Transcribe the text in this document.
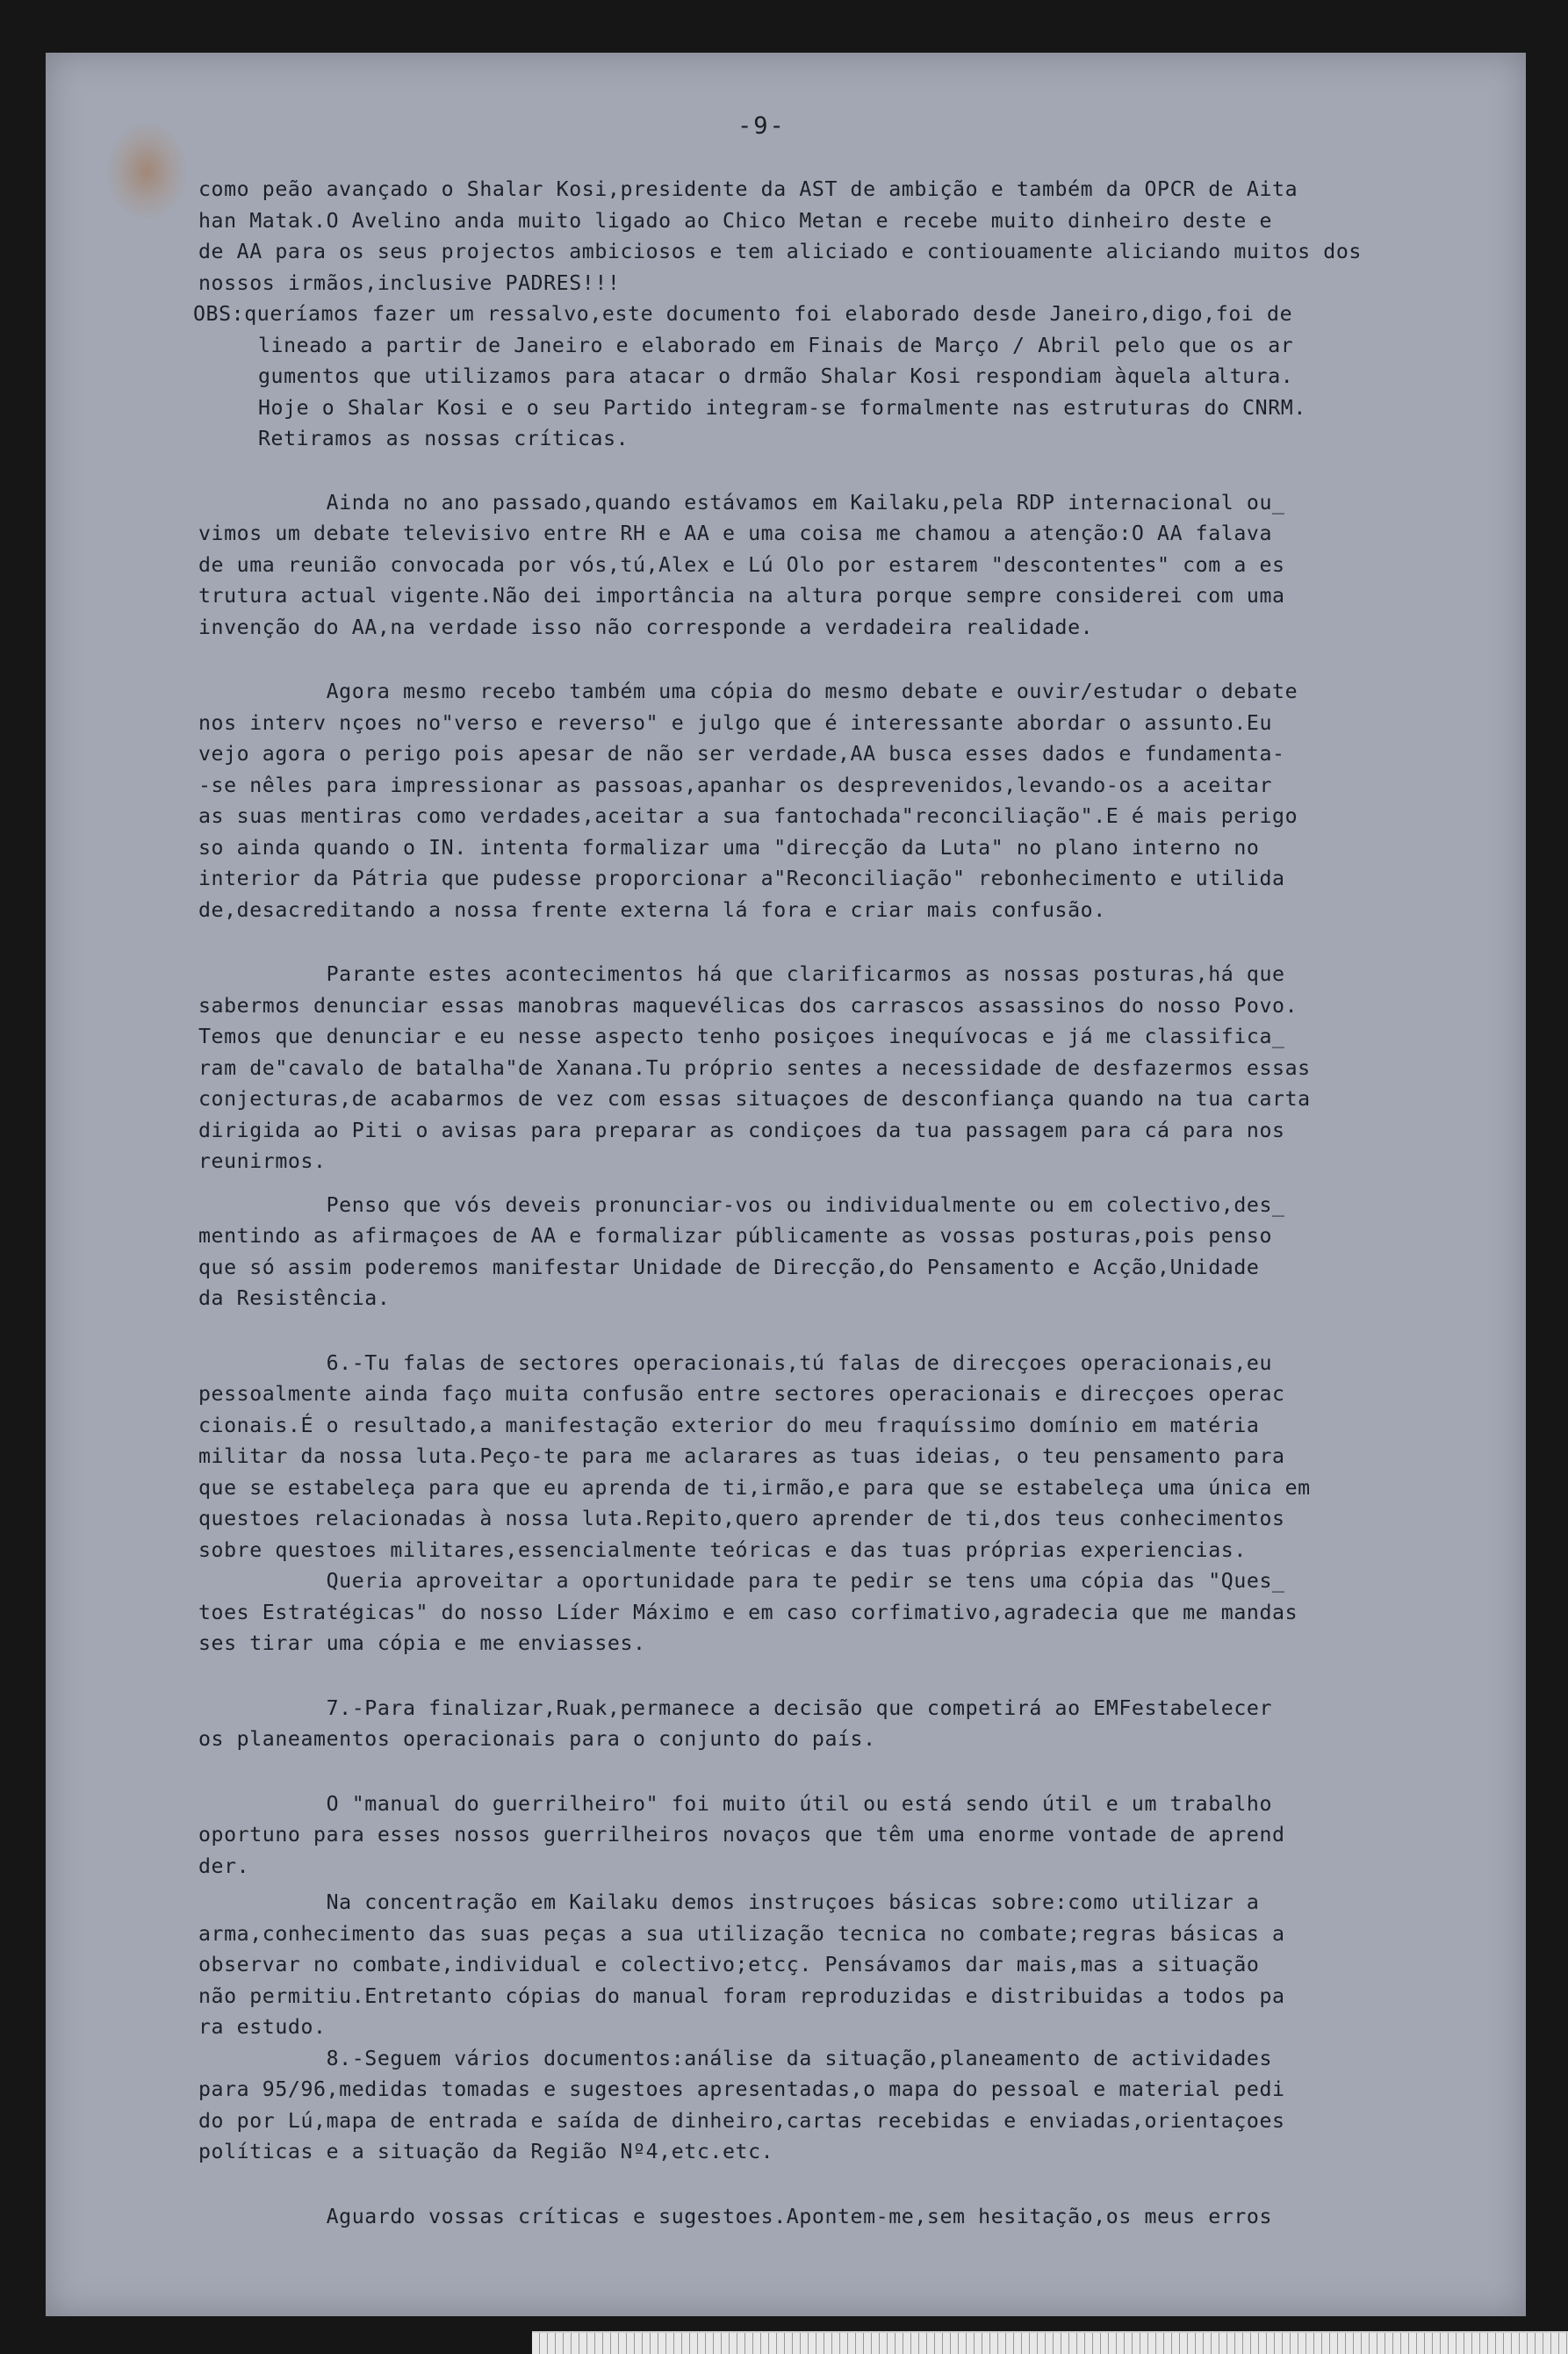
-9-
como peão avançado o Shalar Kosi,presidente da AST de ambição e também da OPCR de Aita
han Matak.O Avelino anda muito ligado ao Chico Metan e recebe muito dinheiro deste e
de AA para os seus projectos ambiciosos e tem aliciado e contiouamente aliciando muitos dos
nossos irmãos,inclusive PADRES!!!
OBS:queríamos fazer um ressalvo,este documento foi elaborado desde Janeiro,digo,foi de
lineado a partir de Janeiro e elaborado em Finais de Março / Abril pelo que os ar
gumentos que utilizamos para atacar o drmão Shalar Kosi respondiam àquela altura.
Hoje o Shalar Kosi e o seu Partido integram-se formalmente nas estruturas do CNRM.
Retiramos as nossas críticas.
Ainda no ano passado,quando estávamos em Kailaku,pela RDP internacional ou_
vimos um debate televisivo entre RH e AA e uma coisa me chamou a atenção:O AA falava
de uma reunião convocada por vós,tú,Alex e Lú Olo por estarem "descontentes" com a es
trutura actual vigente.Não dei importância na altura porque sempre considerei com uma
invenção do AA,na verdade isso não corresponde a verdadeira realidade.
Agora mesmo recebo também uma cópia do mesmo debate e ouvir/estudar o debate
nos interv nçoes no"verso e reverso" e julgo que é interessante abordar o assunto.Eu
vejo agora o perigo pois apesar de não ser verdade,AA busca esses dados e fundamenta-
-se nêles para impressionar as passoas,apanhar os desprevenidos,levando-os a aceitar
as suas mentiras como verdades,aceitar a sua fantochada"reconciliação".E é mais perigo
so ainda quando o IN. intenta formalizar uma "direcção da Luta" no plano interno no
interior da Pátria que pudesse proporcionar a"Reconciliação" rebonhecimento e utilida
de,desacreditando a nossa frente externa lá fora e criar mais confusão.
Parante estes acontecimentos há que clarificarmos as nossas posturas,há que
sabermos denunciar essas manobras maquevélicas dos carrascos assassinos do nosso Povo.
Temos que denunciar e eu nesse aspecto tenho posiçoes inequívocas e já me classifica_
ram de"cavalo de batalha"de Xanana.Tu próprio sentes a necessidade de desfazermos essas
conjecturas,de acabarmos de vez com essas situaçoes de desconfiança quando na tua carta
dirigida ao Piti o avisas para preparar as condiçoes da tua passagem para cá para nos
reunirmos.
Penso que vós deveis pronunciar-vos ou individualmente ou em colectivo,des_
mentindo as afirmaçoes de AA e formalizar públicamente as vossas posturas,pois penso
que só assim poderemos manifestar Unidade de Direcção,do Pensamento e Acção,Unidade
da Resistência.
6.-Tu falas de sectores operacionais,tú falas de direcçoes operacionais,eu
pessoalmente ainda faço muita confusão entre sectores operacionais e direcçoes operac
cionais.É o resultado,a manifestação exterior do meu fraquíssimo domínio em matéria
militar da nossa luta.Peço-te para me aclarares as tuas ideias, o teu pensamento para
que se estabeleça para que eu aprenda de ti,irmão,e para que se estabeleça uma única em
questoes relacionadas à nossa luta.Repito,quero aprender de ti,dos teus conhecimentos
sobre questoes militares,essencialmente teóricas e das tuas próprias experiencias.
Queria aproveitar a oportunidade para te pedir se tens uma cópia das "Ques_
toes Estratégicas" do nosso Líder Máximo e em caso corfimativo,agradecia que me mandas
ses tirar uma cópia e me enviasses.
7.-Para finalizar,Ruak,permanece a decisão que competirá ao EMFestabelecer
os planeamentos operacionais para o conjunto do país.
O "manual do guerrilheiro" foi muito útil ou está sendo útil e um trabalho
oportuno para esses nossos guerrilheiros novaços que têm uma enorme vontade de aprend
der.
Na concentração em Kailaku demos instruçoes básicas sobre:como utilizar a
arma,conhecimento das suas peças a sua utilização tecnica no combate;regras básicas a
observar no combate,individual e colectivo;etcç. Pensávamos dar mais,mas a situação
não permitiu.Entretanto cópias do manual foram reproduzidas e distribuidas a todos pa
ra estudo.
8.-Seguem vários documentos:análise da situação,planeamento de actividades
para 95/96,medidas tomadas e sugestoes apresentadas,o mapa do pessoal e material pedi
do por Lú,mapa de entrada e saída de dinheiro,cartas recebidas e enviadas,orientaçoes
políticas e a situação da Região Nº4,etc.etc.
Aguardo vossas críticas e sugestoes.Apontem-me,sem hesitação,os meus erros
